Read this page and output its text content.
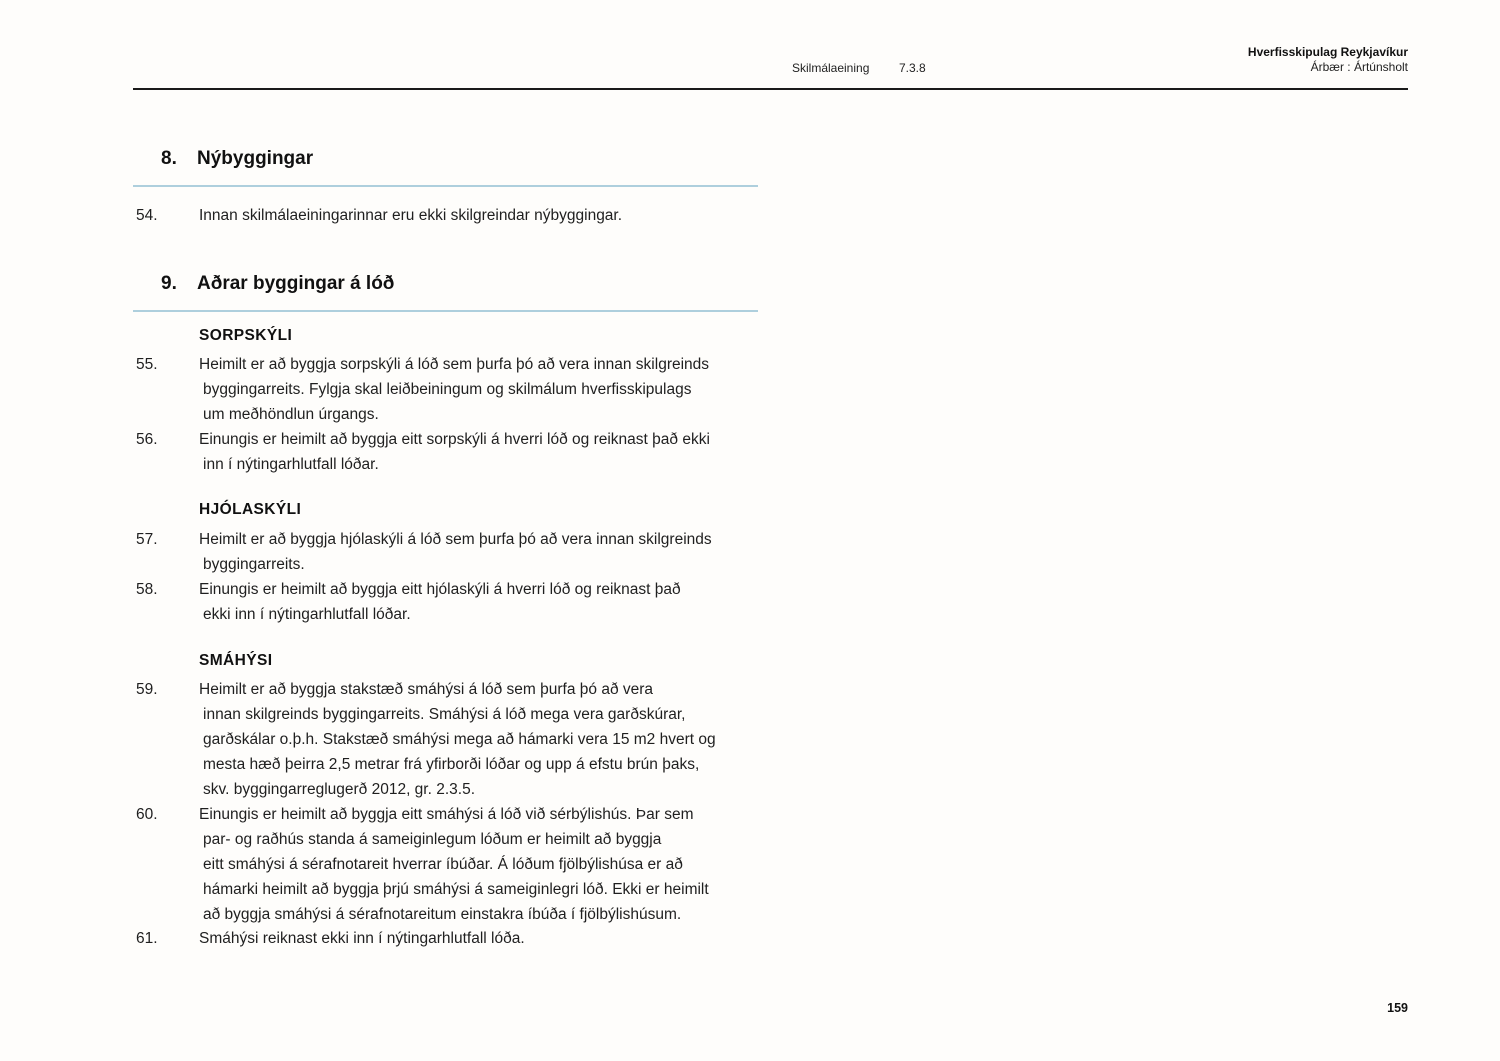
Skilmálaeining 7.3.8
Hverfisskipulag Reykjavíkur
Árbær : Ártúnsholt
8.	Nýbyggingar
54.	Innan skilmálaeiningarinnar eru ekki skilgreindar nýbyggingar.
9.	Aðrar byggingar á lóð
SORPSKÝLI
55.	Heimilt er að byggja sorpskýli á lóð sem þurfa þó að vera innan skilgreinds
byggingarreits. Fylgja skal leiðbeiningum og skilmálum hverfisskipulags
um meðhöndlun úrgangs.
56.	Einungis er heimilt að byggja eitt sorpskýli á hverri lóð og reiknast það ekki
inn í nýtingarhlutfall lóðar.
HJÓLASKÝLI
57.	Heimilt er að byggja hjólaskýli á lóð sem þurfa þó að vera innan skilgreinds
byggingarreits.
58.	Einungis er heimilt að byggja eitt hjólaskýli á hverri lóð og reiknast það
ekki inn í nýtingarhlutfall lóðar.
SMÁHÝSI
59.	Heimilt er að byggja stakstæð smáhýsi á lóð sem þurfa þó að vera
innan skilgreinds byggingarreits. Smáhýsi á lóð mega vera garðskúrar,
garðskálar o.þ.h. Stakstæð smáhýsi mega að hámarki vera 15 m2 hvert og
mesta hæð þeirra 2,5 metrar frá yfirborði lóðar og upp á efstu brún þaks,
skv. byggingarreglugerð 2012, gr. 2.3.5.
60.	Einungis er heimilt að byggja eitt smáhýsi á lóð við sérbýlishús. Þar sem
par- og raðhús standa á sameiginlegum lóðum er heimilt að byggja
eitt smáhýsi á sérafnotareit hverrar íbúðar. Á lóðum fjölbýlishúsa er að
hámarki heimilt að byggja þrjú smáhýsi á sameiginlegri lóð. Ekki er heimilt
að byggja smáhýsi á sérafnotareitum einstakra íbúða í fjölbýlishúsum.
61.	Smáhýsi reiknast ekki inn í nýtingarhlutfall lóða.
159
